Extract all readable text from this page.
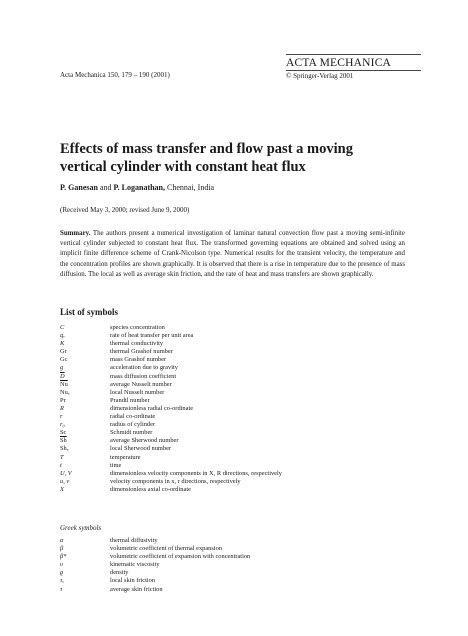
Acta Mechanica 150, 179 – 190 (2001)
ACTA MECHANICA
© Springer-Verlag 2001
Effects of mass transfer and flow past a moving vertical cylinder with constant heat flux
P. Ganesan and P. Loganathan, Chennai, India
(Received May 3, 2000; revised June 9, 2000)
Summary. The authors present a numerical investigation of laminar natural convection flow past a moving semi-infinite vertical cylinder subjected to constant heat flux. The transformed governing equations are obtained and solved using an implicit finite difference scheme of Crank-Nicolson type. Numerical results for the transient velocity, the temperature and the concentration profiles are shown graphically. It is observed that there is a rise in temperature due to the presence of mass diffusion. The local as well as average skin friction, and the rate of heat and mass transfers are shown graphically.
List of symbols
C	species concentration
qᵥ	rate of heat transfer per unit area
K	thermal conductivity
Gr	thermal Grashof number
Gc	mass Grashof number
g	acceleration due to gravity
$\overline{D}$	mass diffusion coefficient
$\overline{Nu}$	average Nusselt number
Nuₓ	local Nusselt number
Pr	Prandtl number
R	dimensionless radial co-ordinate
r	radial co-ordinate
r₀	radius of cylinder
Sc	Schmidt number
$\overline{Sh}$	average Sherwood number
Shₓ	local Sherwood number
T	temperature
t	time
U, V	dimensionless velocity components in X, R directions, respectively
u, v	velocity components in x, r directions, respectively
X	dimensionless axial co-ordinate
Greek symbols
α	thermal diffusivity
β	volumetric coefficient of thermal expansion
β*	volumetric coefficient of expansion with concentration
υ	kinematic viscosity
ϱ	density
τₓ	local skin friction
τ	average skin friction
